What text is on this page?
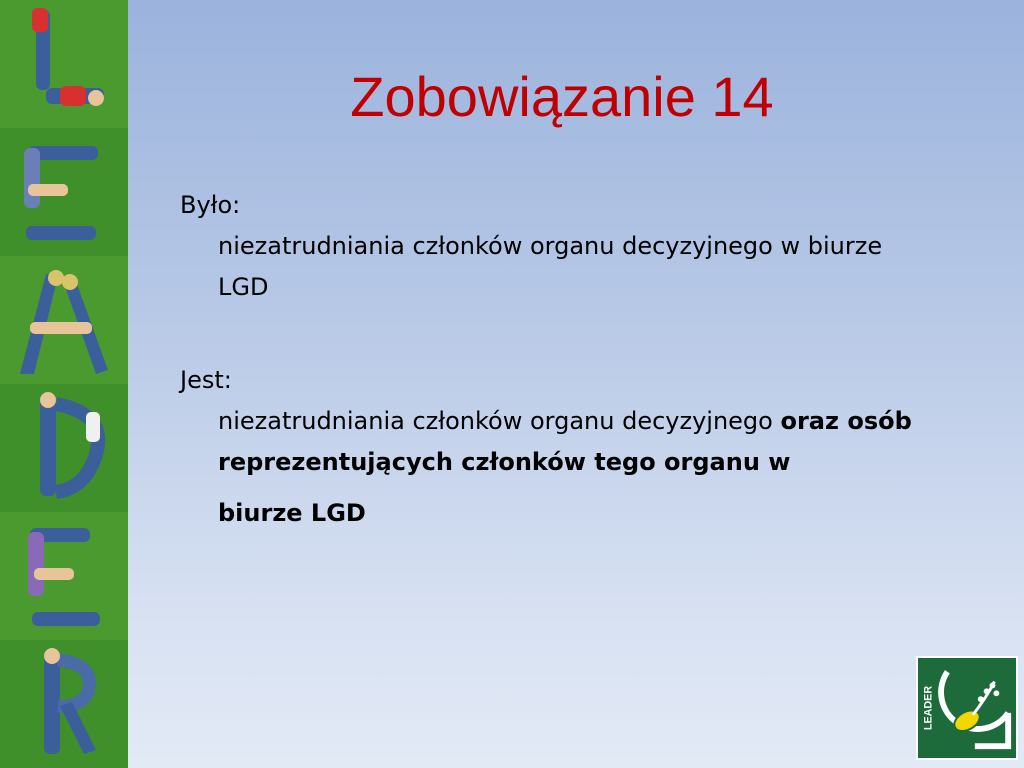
Zobowiązanie 14

Było:

niezatrudniania członków organu decyzyjnego w biurze LGD

Jest:

niezatrudniania członków organu decyzyjnego oraz osób reprezentujących członków tego organu w

biurze LGD

LEADER
